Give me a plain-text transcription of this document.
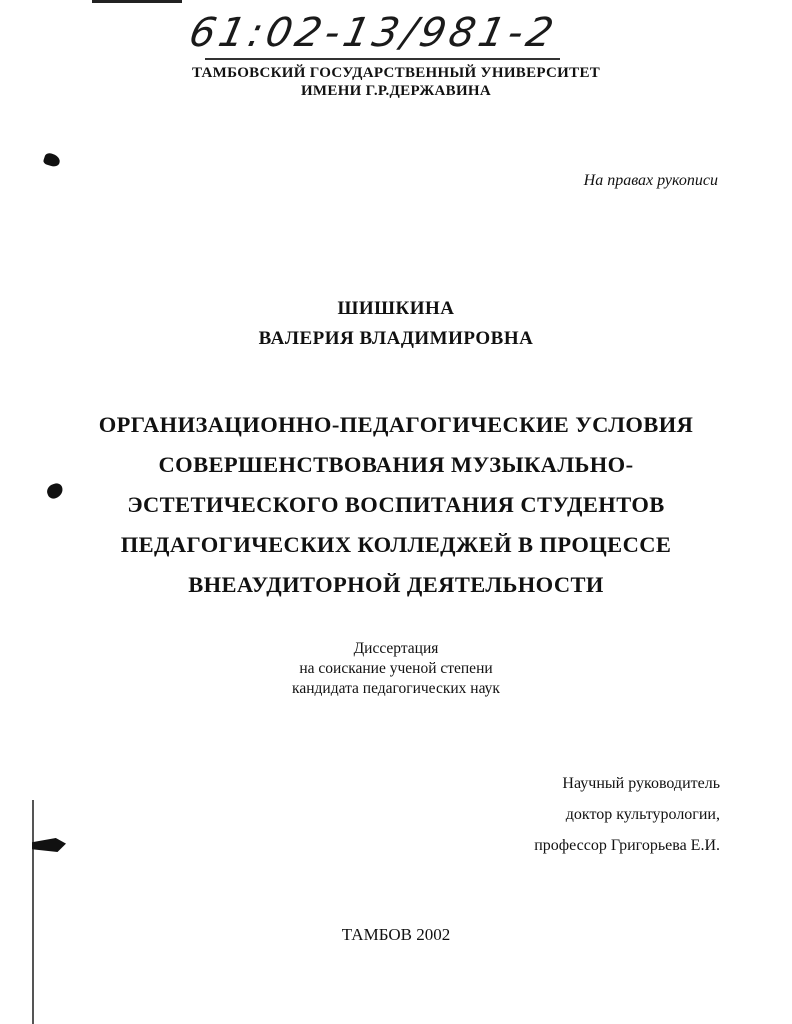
61:02-13/981-2
ТАМБОВСКИЙ ГОСУДАРСТВЕННЫЙ УНИВЕРСИТЕТ
ИМЕНИ Г.Р.ДЕРЖАВИНА
На правах рукописи
ШИШКИНА
ВАЛЕРИЯ ВЛАДИМИРОВНА
ОРГАНИЗАЦИОННО-ПЕДАГОГИЧЕСКИЕ УСЛОВИЯ
СОВЕРШЕНСТВОВАНИЯ МУЗЫКАЛЬНО-
ЭСТЕТИЧЕСКОГО ВОСПИТАНИЯ СТУДЕНТОВ
ПЕДАГОГИЧЕСКИХ КОЛЛЕДЖЕЙ В ПРОЦЕССЕ
ВНЕАУДИТОРНОЙ ДЕЯТЕЛЬНОСТИ
Диссертация
на соискание ученой степени
кандидата педагогических наук
Научный руководитель
доктор культурологии,
профессор Григорьева Е.И.
ТАМБОВ 2002
